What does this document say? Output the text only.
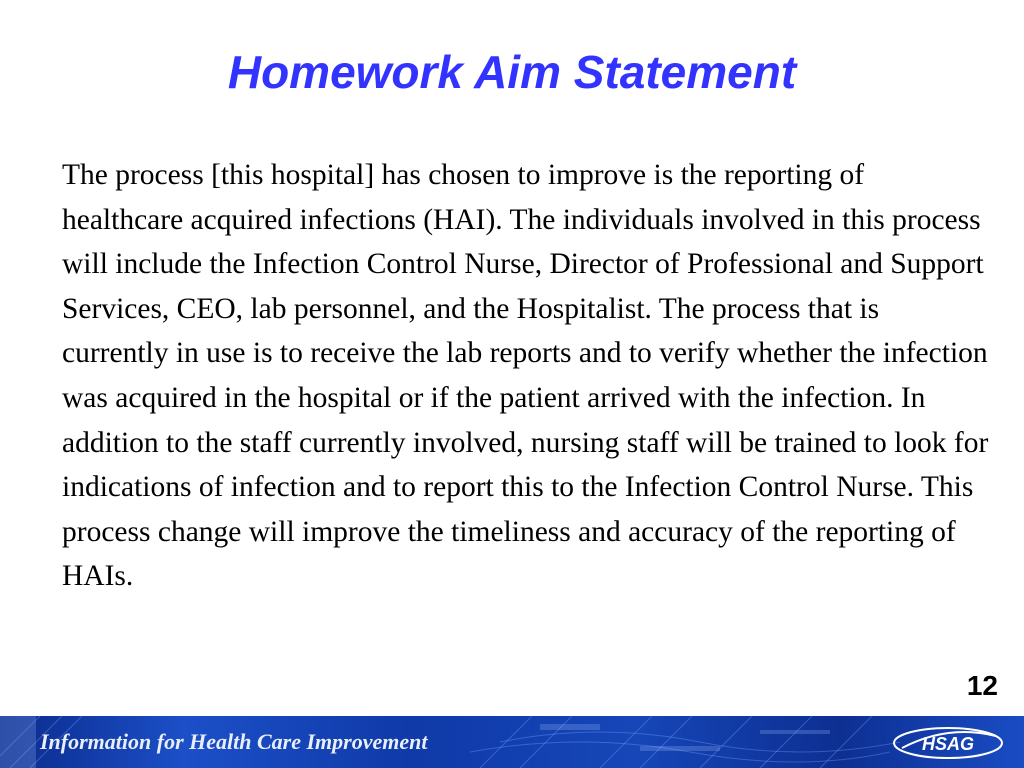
Homework Aim Statement

The process [this hospital] has chosen to improve is the reporting of healthcare acquired infections (HAI). The individuals involved in this process will include the Infection Control Nurse, Director of Professional and Support Services, CEO, lab personnel, and the Hospitalist. The process that is currently in use is to receive the lab reports and to verify whether the infection was acquired in the hospital or if the patient arrived with the infection. In addition to the staff currently involved, nursing staff will be trained to look for indications of infection and to report this to the Infection Control Nurse. This process change will improve the timeliness and accuracy of the reporting of HAIs.

12
Information for Health Care Improvement	HSAG
